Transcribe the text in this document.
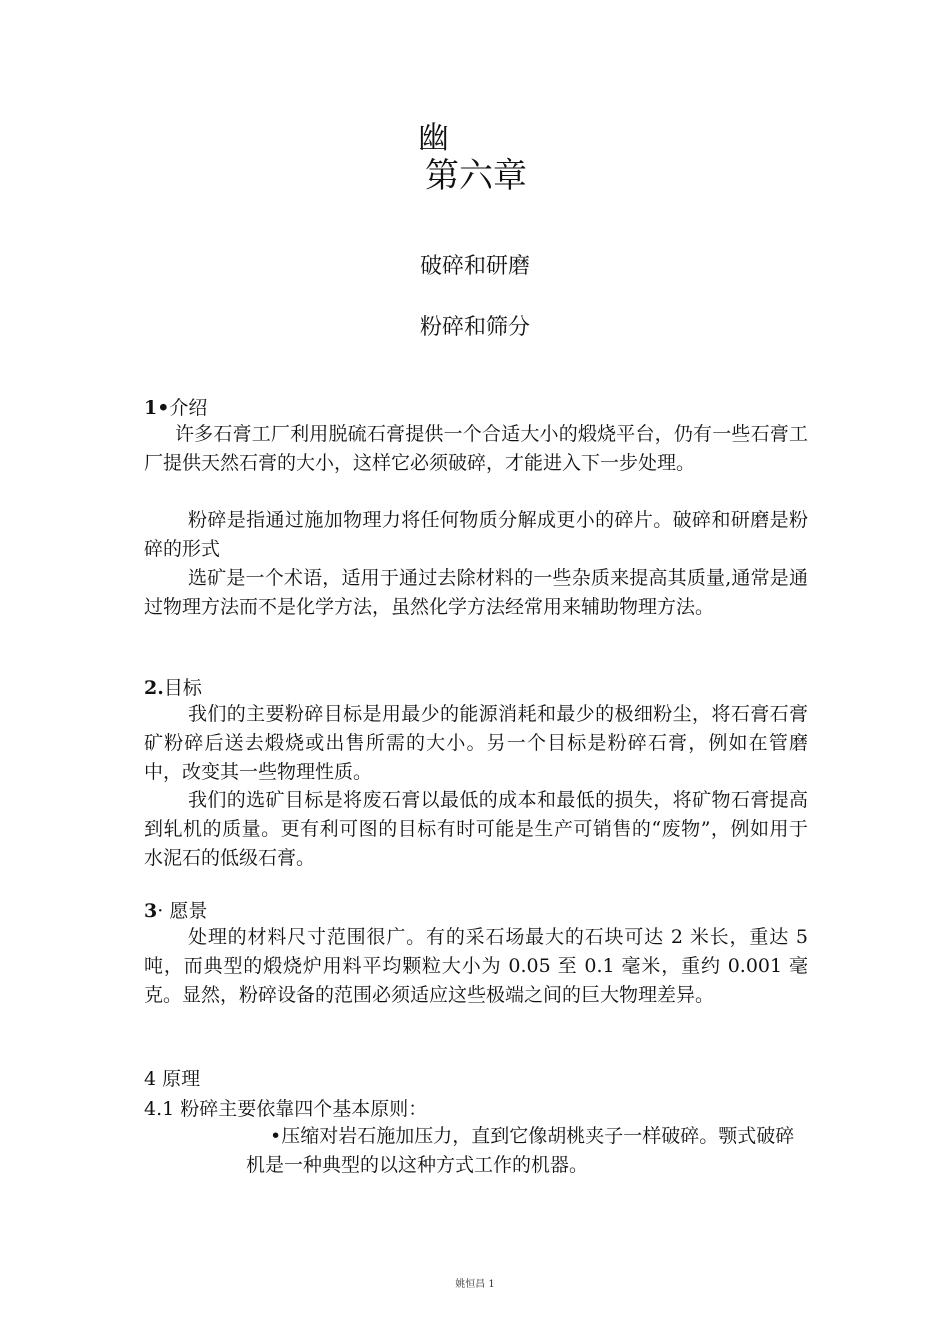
幽
第六章
破碎和研磨
粉碎和筛分
1•介绍

许多石膏工厂利用脱硫石膏提供一个合适大小的煅烧平台，仍有一些石膏工厂提供天然石膏的大小，这样它必须破碎，才能进入下一步处理。

粉碎是指通过施加物理力将任何物质分解成更小的碎片。破碎和研磨是粉碎的形式

选矿是一个术语，适用于通过去除材料的一些杂质来提高其质量,通常是通过物理方法而不是化学方法，虽然化学方法经常用来辅助物理方法。

2.目标

我们的主要粉碎目标是用最少的能源消耗和最少的极细粉尘，将石膏石膏矿粉碎后送去煅烧或出售所需的大小。另一个目标是粉碎石膏，例如在管磨中，改变其一些物理性质。

我们的选矿目标是将废石膏以最低的成本和最低的损失，将矿物石膏提高到轧机的质量。更有利可图的目标有时可能是生产可销售的“废物”，例如用于水泥石的低级石膏。

3· 愿景

处理的材料尺寸范围很广。有的采石场最大的石块可达 2 米长，重达 5 吨，而典型的煅烧炉用料平均颗粒大小为 0.05 至 0.1 毫米，重约 0.001 毫克。显然，粉碎设备的范围必须适应这些极端之间的巨大物理差异。

4 原理
4.1 粉碎主要依靠四个基本原则：

•压缩对岩石施加压力，直到它像胡桃夹子一样破碎。颚式破碎机是一种典型的以这种方式工作的机器。

姚恒昌 1
